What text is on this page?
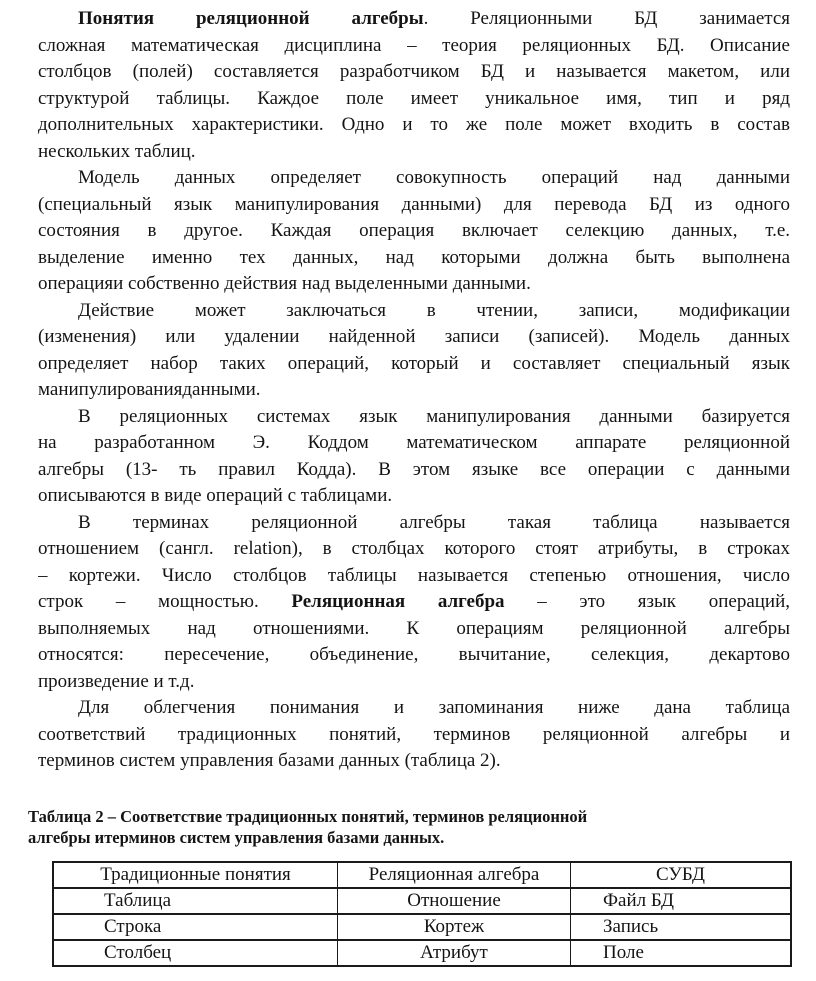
Понятия реляционной алгебры. Реляционными БД занимается
сложная математическая дисциплина – теория реляционных БД. Описание
столбцов (полей) составляется разработчиком БД и называется макетом, или
структурой таблицы. Каждое поле имеет уникальное имя, тип и ряд
дополнительных характеристики. Одно и то же поле может входить в состав
нескольких таблиц.
Модель данных определяет совокупность операций над данными
(специальный язык манипулирования данными) для перевода БД из одного
состояния в другое. Каждая операция включает селекцию данных, т.е.
выделение именно тех данных, над которыми должна быть выполнена
операцияи собственно действия над выделенными данными.
Действие может заключаться в чтении, записи, модификации
(изменения) или удалении найденной записи (записей). Модель данных
определяет набор таких операций, который и составляет специальный язык
манипулированияданными.
В реляционных системах язык манипулирования данными базируется
на разработанном Э. Коддом математическом аппарате реляционной
алгебры (13- ть правил Кодда). В этом языке все операции с данными
описываются в виде операций с таблицами.
В терминах реляционной алгебры такая таблица называется
отношением (сангл. relation), в столбцах которого стоят атрибуты, в строках
– кортежи. Число столбцов таблицы называется степенью отношения, число
строк – мощностью. Реляционная алгебра – это язык операций,
выполняемых над отношениями. К операциям реляционной алгебры
относятся: пересечение, объединение, вычитание, селекция, декартово
произведение и т.д.
Для облегчения понимания и запоминания ниже дана таблица
соответствий традиционных понятий, терминов реляционной алгебры и
терминов систем управления базами данных (таблица 2).
Таблица 2 – Соответствие традиционных понятий, терминов реляционной
алгебры итерминов систем управления базами данных.
Традиционные понятия	Реляционная алгебра	СУБД
Таблица	Отношение	Файл БД
Строка	Кортеж	Запись
Столбец	Атрибут	Поле
